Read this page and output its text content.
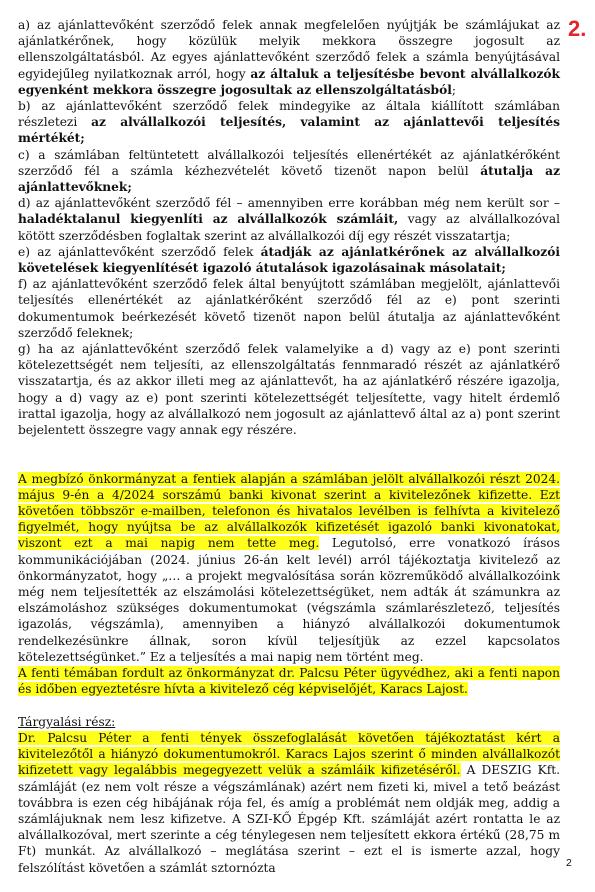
2.

a) az ajánlattevőként szerződő felek annak megfelelően nyújtják be számlájukat az ajánlatkérőnek, hogy közülük melyik mekkora összegre jogosult az ellenszolgáltatásból. Az egyes ajánlattevőként szerződő felek a számla benyújtásával egyidejűleg nyilatkoznak arról, hogy az általuk a teljesítésbe bevont alvállalkozók egyenként mekkora összegre jogosultak az ellenszolgáltatásból;

b) az ajánlattevőként szerződő felek mindegyike az általa kiállított számlában részletezi az alvállalkozói teljesítés, valamint az ajánlattevői teljesítés mértékét;

c) a számlában feltüntetett alvállalkozói teljesítés ellenértékét az ajánlatkérőként szerződő fél a számla kézhezvételét követő tizenöt napon belül átutalja az ajánlattevőknek;

d) az ajánlattevőként szerződő fél – amennyiben erre korábban még nem került sor – haladéktalanul kiegyenlíti az alvállalkozók számláit, vagy az alvállalkozóval kötött szerződésben foglaltak szerint az alvállalkozói díj egy részét visszatartja;

e) az ajánlattevőként szerződő felek átadják az ajánlatkérőnek az alvállalkozói követelések kiegyenlítését igazoló átutalások igazolásainak másolatait;

f) az ajánlattevőként szerződő felek által benyújtott számlában megjelölt, ajánlattevői teljesítés ellenértékét az ajánlatkérőként szerződő fél az e) pont szerinti dokumentumok beérkezését követő tizenöt napon belül átutalja az ajánlattevőként szerződő feleknek;

g) ha az ajánlattevőként szerződő felek valamelyike a d) vagy az e) pont szerinti kötelezettségét nem teljesíti, az ellenszolgáltatás fennmaradó részét az ajánlatkérő visszatartja, és az akkor illeti meg az ajánlattevőt, ha az ajánlatkérő részére igazolja, hogy a d) vagy az e) pont szerinti kötelezettségét teljesítette, vagy hitelt érdemlő irattal igazolja, hogy az alvállalkozó nem jogosult az ajánlattevő által az a) pont szerint bejelentett összegre vagy annak egy részére.

A megbízó önkormányzat a fentiek alapján a számlában jelölt alvállalkozói részt 2024. május 9-én a 4/2024 sorszámú banki kivonat szerint a kivitelezőnek kifizette. Ezt követően többször e-mailben, telefonon és hivatalos levélben is felhívta a kivitelező figyelmét, hogy nyújtsa be az alvállalkozók kifizetését igazoló banki kivonatokat, viszont ezt a mai napig nem tette meg. Legutolsó, erre vonatkozó írásos kommunikációjában (2024. június 26-án kelt levél) arról tájékoztatja kivitelező az önkormányzatot, hogy „… a projekt megvalósítása során közreműködő alvállalkozóink még nem teljesítették az elszámolási kötelezettségüket, nem adták át számunkra az elszámoláshoz szükséges dokumentumokat (végszámla számlarészletező, teljesítés igazolás, végszámla), amennyiben a hiányzó alvállalkozói dokumentumok rendelkezésünkre állnak, soron kívül teljesítjük az ezzel kapcsolatos kötelezettségünket.” Ez a teljesítés a mai napig nem történt meg.

A fenti témában fordult az önkormányzat dr. Palcsu Péter ügyvédhez, aki a fenti napon és időben egyeztetésre hívta a kivitelező cég képviselőjét, Karacs Lajost.

Tárgyalási rész:

Dr. Palcsu Péter a fenti tények összefoglalását követően tájékoztatást kért a kivitelezőtől a hiányzó dokumentumokról. Karacs Lajos szerint ő minden alvállalkozót kifizetett vagy legalábbis megegyezett velük a számláik kifizetéséről. A DESZIG Kft. számláját (ez nem volt része a végszámlának) azért nem fizeti ki, mivel a tető beázást továbbra is ezen cég hibájának rója fel, és amíg a problémát nem oldják meg, addig a számlájuknak nem lesz kifizetve. A SZI-KŐ Épgép Kft. számláját azért rontatta le az alvállalkozóval, mert szerinte a cég ténylegesen nem teljesített ekkora értékű (28,75 m Ft) munkát. Az alvállalkozó – meglátása szerint – ezt el is ismerte azzal, hogy felszólítást követően a számlát sztornózta	2
